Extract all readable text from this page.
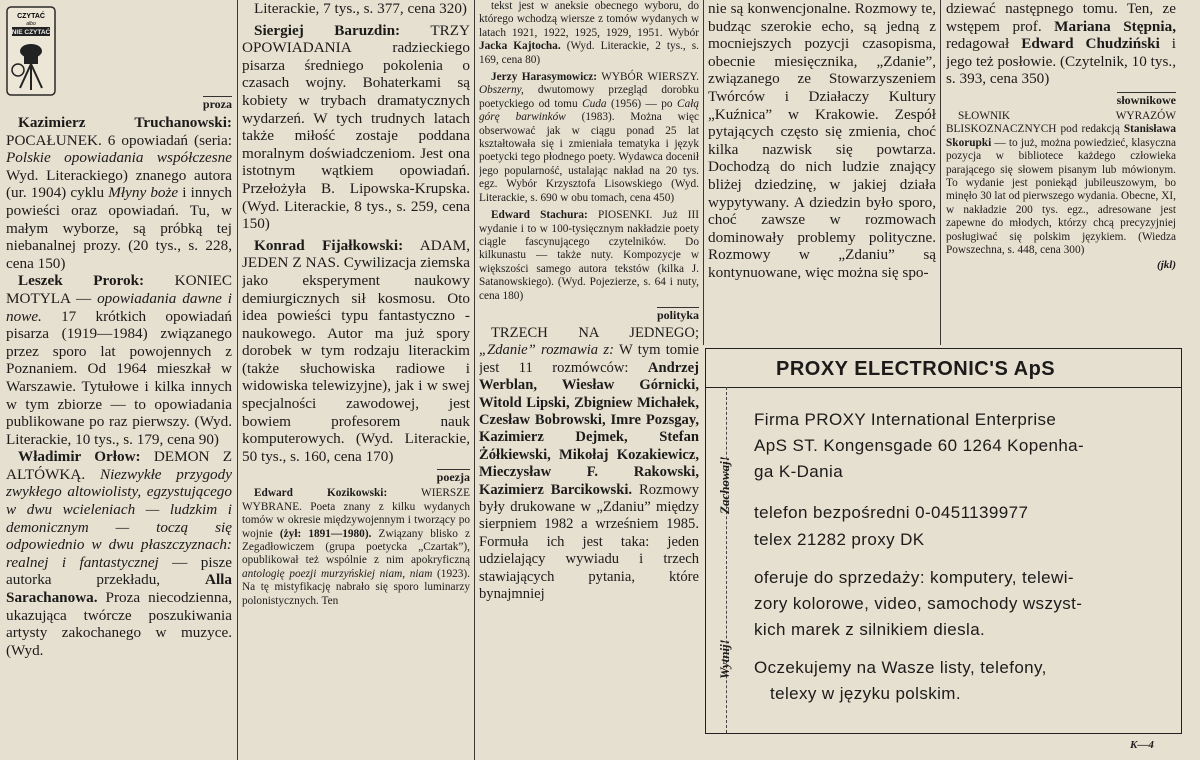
CZYTAĆ
albo
NIE CZYTAĆ
proza

Kazimierz Truchanowski: POCAŁUNEK. 6 opowiadań (seria: Polskie opowiadania współczesne Wyd. Literackiego) znanego autora (ur. 1904) cyklu Młyny boże i innych powieści oraz opowiadań. Tu, w małym wyborze, są próbką tej niebanalnej prozy. (20 tys., s. 228, cena 150)

Leszek Prorok: KONIEC MOTYLA — opowiadania dawne i nowe. 17 krótkich opowiadań pisarza (1919—1984) związanego przez sporo lat powojennych z Poznaniem. Od 1964 mieszkał w Warszawie. Tytułowe i kilka innych w tym zbiorze — to opowiadania publikowane po raz pierwszy. (Wyd. Literackie, 10 tys., s. 179, cena 90)

Władimir Orłow: DEMON Z ALTÓWKĄ. Niezwykłe przygody zwykłego altowiolisty, egzystującego w dwu wcieleniach — ludzkim i demonicznym — toczą się odpowiednio w dwu płaszczyznach: realnej i fantastycznej — pisze autorka przekładu, Alla Sarachanowa. Proza niecodzienna, ukazująca twórcze poszukiwania artysty zakochanego w muzyce. (Wyd.

Literackie, 7 tys., s. 377, cena 320)

Siergiej Baruzdin: TRZY OPOWIADANIA radzieckiego pisarza średniego pokolenia o czasach wojny. Bohaterkami są kobiety w trybach dramatycznych wydarzeń. W tych trudnych latach także miłość zostaje poddana moralnym doświadczeniom. Jest ona istotnym wątkiem opowiadań. Przełożyła B. Lipowska-Krupska. (Wyd. Literackie, 8 tys., s. 259, cena 150)

Konrad Fijałkowski: ADAM, JEDEN Z NAS. Cywilizacja ziemska jako eksperyment naukowy demiurgicznych sił kosmosu. Oto idea powieści typu fantastyczno - naukowego. Autor ma już spory dorobek w tym rodzaju literackim (także słuchowiska radiowe i widowiska telewizyjne), jak i w swej specjalności zawodowej, jest bowiem profesorem nauk komputerowych. (Wyd. Literackie, 50 tys., s. 160, cena 170)

poezja

Edward Kozikowski: WIERSZE WYBRANE. Poeta znany z kilku wydanych tomów w okresie międzywojennym i tworzący po wojnie (żył: 1891—1980). Związany blisko z Zegadłowiczem (grupa poetycka „Czartak”), opublikował też wspólnie z nim apokryficzną antologię poezji murzyńskiej niam, niam (1923). Na tę mistyfikację nabrało się sporo luminarzy polonistycznych. Ten

tekst jest w aneksie obecnego wyboru, do którego wchodzą wiersze z tomów wydanych w latach 1921, 1922, 1925, 1929, 1951. Wybór Jacka Kajtocha. (Wyd. Literackie, 2 tys., s. 169, cena 80)

Jerzy Harasymowicz: WYBÓR WIERSZY. Obszerny, dwutomowy przegląd dorobku poetyckiego od tomu Cuda (1956) — po Całą górę barwinków (1983). Można więc obserwować jak w ciągu ponad 25 lat kształtowała się i zmieniała tematyka i język poetycki tego płodnego poety. Wydawca docenił jego popularność, ustalając nakład na 20 tys. egz. Wybór Krzysztofa Lisowskiego (Wyd. Literackie, s. 690 w obu tomach, cena 450)

Edward Stachura: PIOSENKI. Już III wydanie i to w 100-tysięcznym nakładzie poety ciągle fascynującego czytelników. Do kilkunastu — także nuty. Kompozycje w większości samego autora tekstów (kilka J. Satanowskiego). (Wyd. Pojezierze, s. 64 i nuty, cena 180)

polityka

TRZECH NA JEDNEGO; „Zdanie” rozmawia z: W tym tomie jest 11 rozmówców: Andrzej Werblan, Wiesław Górnicki, Witold Lipski, Zbigniew Michałek, Czesław Bobrowski, Imre Pozsgay, Kazimierz Dejmek, Stefan Żółkiewski, Mikołaj Kozakiewicz, Mieczysław F. Rakowski, Kazimierz Barcikowski. Rozmowy były drukowane w „Zdaniu” między sierpniem 1982 a wrześniem 1985. Formuła ich jest taka: jeden udzielający wywiadu i trzech stawiających pytania, które bynajmniej

nie są konwencjonalne. Rozmowy te, budząc szerokie echo, są jedną z mocniejszych pozycji czasopisma, obecnie miesięcznika, „Zdanie”, związanego ze Stowarzyszeniem Twórców i Działaczy Kultury „Kuźnica” w Krakowie. Zespół pytających często się zmienia, choć kilka nazwisk się powtarza. Dochodzą do nich ludzie znający bliżej dziedzinę, w jakiej działa wypytywany. A dziedzin było sporo, choć zawsze w rozmowach dominowały problemy polityczne. Rozmowy w „Zdaniu” są kontynuowane, więc można się spo-

dziewać następnego tomu. Ten, ze wstępem prof. Mariana Stępnia, redagował Edward Chudziński i jego też posłowie. (Czytelnik, 10 tys., s. 393, cena 350)

słownikowe

SŁOWNIK WYRAZÓW BLISKOZNACZNYCH pod redakcją Stanisława Skorupki — to już, można powiedzieć, klasyczna pozycja w bibliotece każdego człowieka parającego się słowem pisanym lub mówionym. To wydanie jest poniekąd jubileuszowym, bo minęło 30 lat od pierwszego wydania. Obecne, XI, w nakładzie 200 tys. egz., adresowane jest zapewne do młodych, którzy chcą precyzyjniej posługiwać się polskim językiem. (Wiedza Powszechna, s. 448, cena 300)

(jkl)
PROXY ELECTRONIC'S ApS
Zachowaj!
Wytnij!
Firma PROXY International Enterprise
ApS ST. Kongensgade 60 1264 Kopenha-
ga K-Dania
telefon bezpośredni 0-0451139977
telex 21282 proxy DK
oferuje do sprzedaży: komputery, telewi-
zory kolorowe, video, samochody wszyst-
kich marek z silnikiem diesla.
Oczekujemy na Wasze listy, telefony,
telexy w języku polskim.
K—4
